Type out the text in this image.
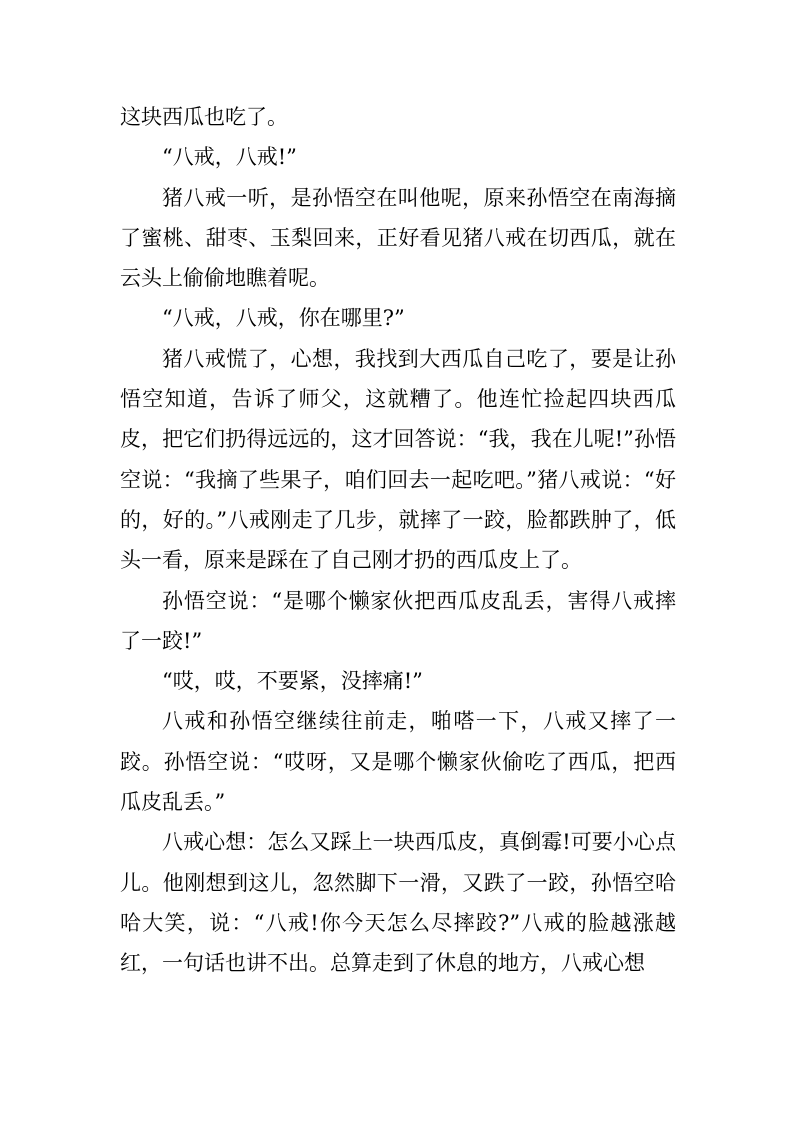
这块西瓜也吃了。

“八戒，八戒!”

猪八戒一听，是孙悟空在叫他呢，原来孙悟空在南海摘了蜜桃、甜枣、玉梨回来，正好看见猪八戒在切西瓜，就在云头上偷偷地瞧着呢。

“八戒，八戒，你在哪里?”

猪八戒慌了，心想，我找到大西瓜自己吃了，要是让孙悟空知道，告诉了师父，这就糟了。他连忙捡起四块西瓜皮，把它们扔得远远的，这才回答说：“我，我在儿呢!”孙悟空说：“我摘了些果子，咱们回去一起吃吧。”猪八戒说：“好的，好的。”八戒刚走了几步，就摔了一跤，脸都跌肿了，低头一看，原来是踩在了自己刚才扔的西瓜皮上了。

孙悟空说：“是哪个懒家伙把西瓜皮乱丢，害得八戒摔了一跤!”

“哎，哎，不要紧，没摔痛!”

八戒和孙悟空继续往前走，啪嗒一下，八戒又摔了一跤。孙悟空说：“哎呀，又是哪个懒家伙偷吃了西瓜，把西瓜皮乱丢。”

八戒心想：怎么又踩上一块西瓜皮，真倒霉!可要小心点儿。他刚想到这儿，忽然脚下一滑，又跌了一跤，孙悟空哈哈大笑，说：“八戒!你今天怎么尽摔跤?”八戒的脸越涨越红，一句话也讲不出。总算走到了休息的地方，八戒心想
